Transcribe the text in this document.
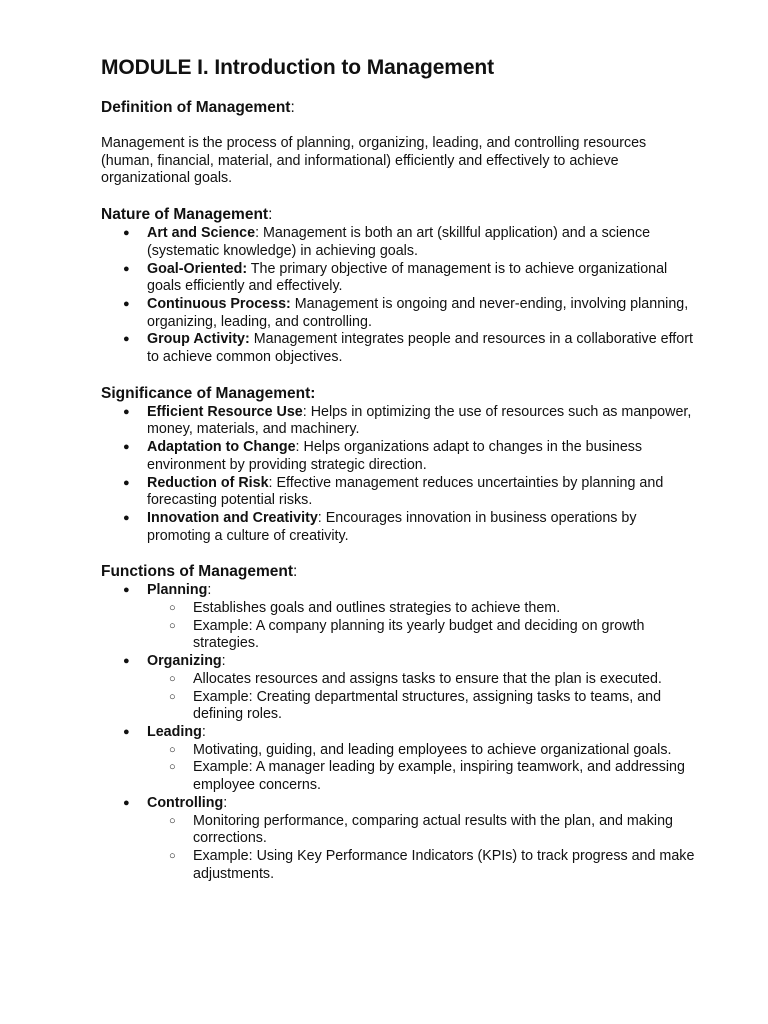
MODULE I. Introduction to Management
Definition of Management:

Management is the process of planning, organizing, leading, and controlling resources (human, financial, material, and informational) efficiently and effectively to achieve organizational goals.

Nature of Management:
● Art and Science: Management is both an art (skillful application) and a science (systematic knowledge) in achieving goals.
● Goal-Oriented: The primary objective of management is to achieve organizational goals efficiently and effectively.
● Continuous Process: Management is ongoing and never-ending, involving planning, organizing, leading, and controlling.
● Group Activity: Management integrates people and resources in a collaborative effort to achieve common objectives.
Significance of Management:
● Efficient Resource Use: Helps in optimizing the use of resources such as manpower, money, materials, and machinery.
● Adaptation to Change: Helps organizations adapt to changes in the business environment by providing strategic direction.
● Reduction of Risk: Effective management reduces uncertainties by planning and forecasting potential risks.
● Innovation and Creativity: Encourages innovation in business operations by promoting a culture of creativity.
Functions of Management:
● Planning:
○ Establishes goals and outlines strategies to achieve them.
○ Example: A company planning its yearly budget and deciding on growth strategies.
● Organizing:
○ Allocates resources and assigns tasks to ensure that the plan is executed.
○ Example: Creating departmental structures, assigning tasks to teams, and defining roles.
● Leading:
○ Motivating, guiding, and leading employees to achieve organizational goals.
○ Example: A manager leading by example, inspiring teamwork, and addressing employee concerns.
● Controlling:
○ Monitoring performance, comparing actual results with the plan, and making corrections.
○ Example: Using Key Performance Indicators (KPIs) to track progress and make adjustments.
